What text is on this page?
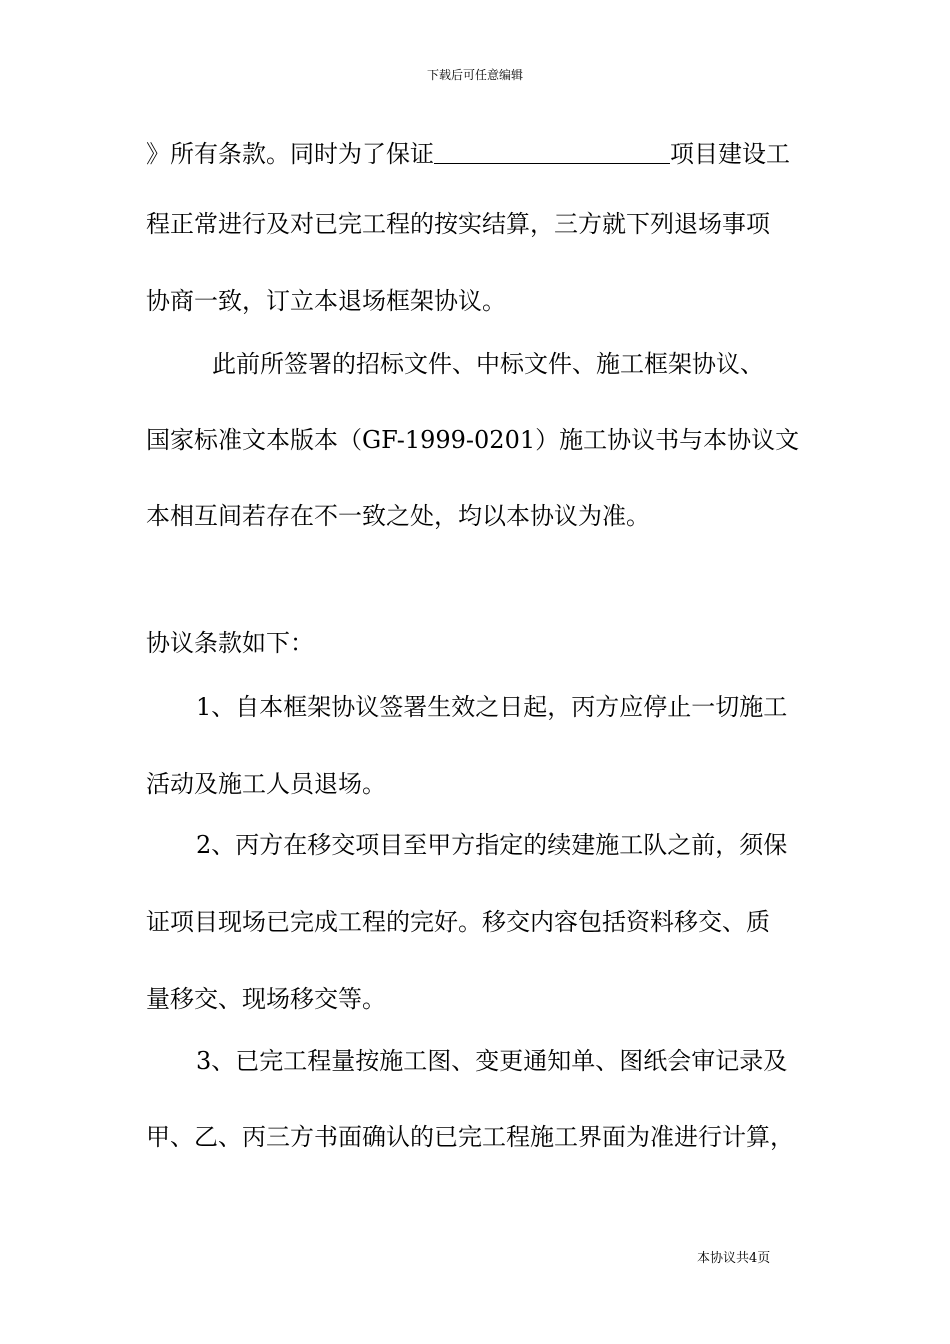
下载后可任意编辑
》所有条款。同时为了保证	项目建设工
程正常进行及对已完工程的按实结算，三方就下列退场事项
协商一致，订立本退场框架协议。
此前所签署的招标文件、中标文件、施工框架协议、
国家标准文本版本（GF-1999-0201）施工协议书与本协议文
本相互间若存在不一致之处，均以本协议为准。
协议条款如下：
1、自本框架协议签署生效之日起，丙方应停止一切施工
活动及施工人员退场。
2、丙方在移交项目至甲方指定的续建施工队之前，须保
证项目现场已完成工程的完好。移交内容包括资料移交、质
量移交、现场移交等。
3、已完工程量按施工图、变更通知单、图纸会审记录及
甲、乙、丙三方书面确认的已完工程施工界面为准进行计算，
本协议共4页
